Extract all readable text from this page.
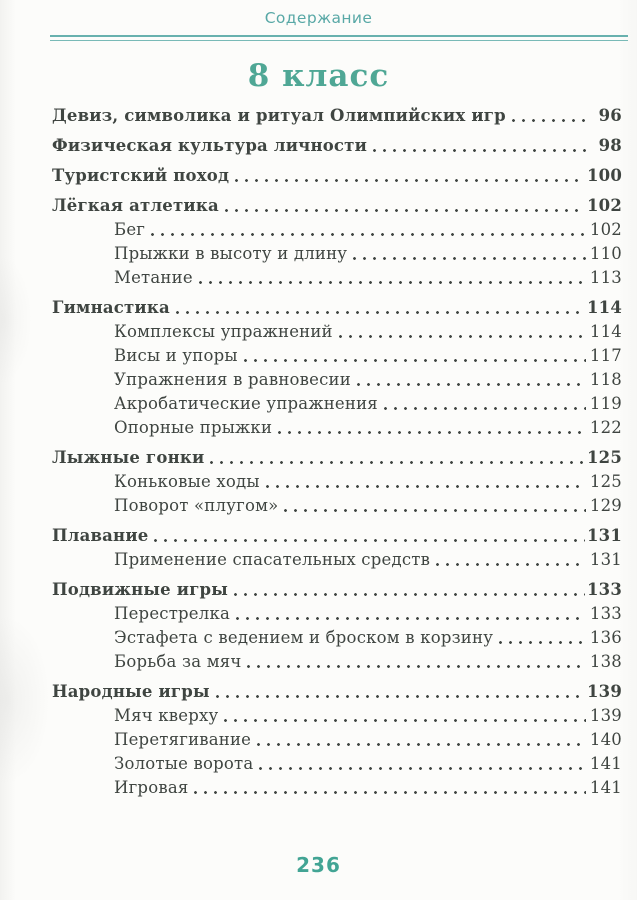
Содержание
8 класс
Девиз, символика и ритуал Олимпийских игр	96
Физическая культура личности	98
Туристский поход	100
Лёгкая атлетика	102
Бег	102
Прыжки в высоту и длину	110
Метание	113
Гимнастика	114
Комплексы упражнений	114
Висы и упоры	117
Упражнения в равновесии	118
Акробатические упражнения	119
Опорные прыжки	122
Лыжные гонки	125
Коньковые ходы	125
Поворот «плугом»	129
Плавание	131
Применение спасательных средств	131
Подвижные игры	133
Перестрелка	133
Эстафета с ведением и броском в корзину	136
Борьба за мяч	138
Народные игры	139
Мяч кверху	139
Перетягивание	140
Золотые ворота	141
Игровая	141
236
